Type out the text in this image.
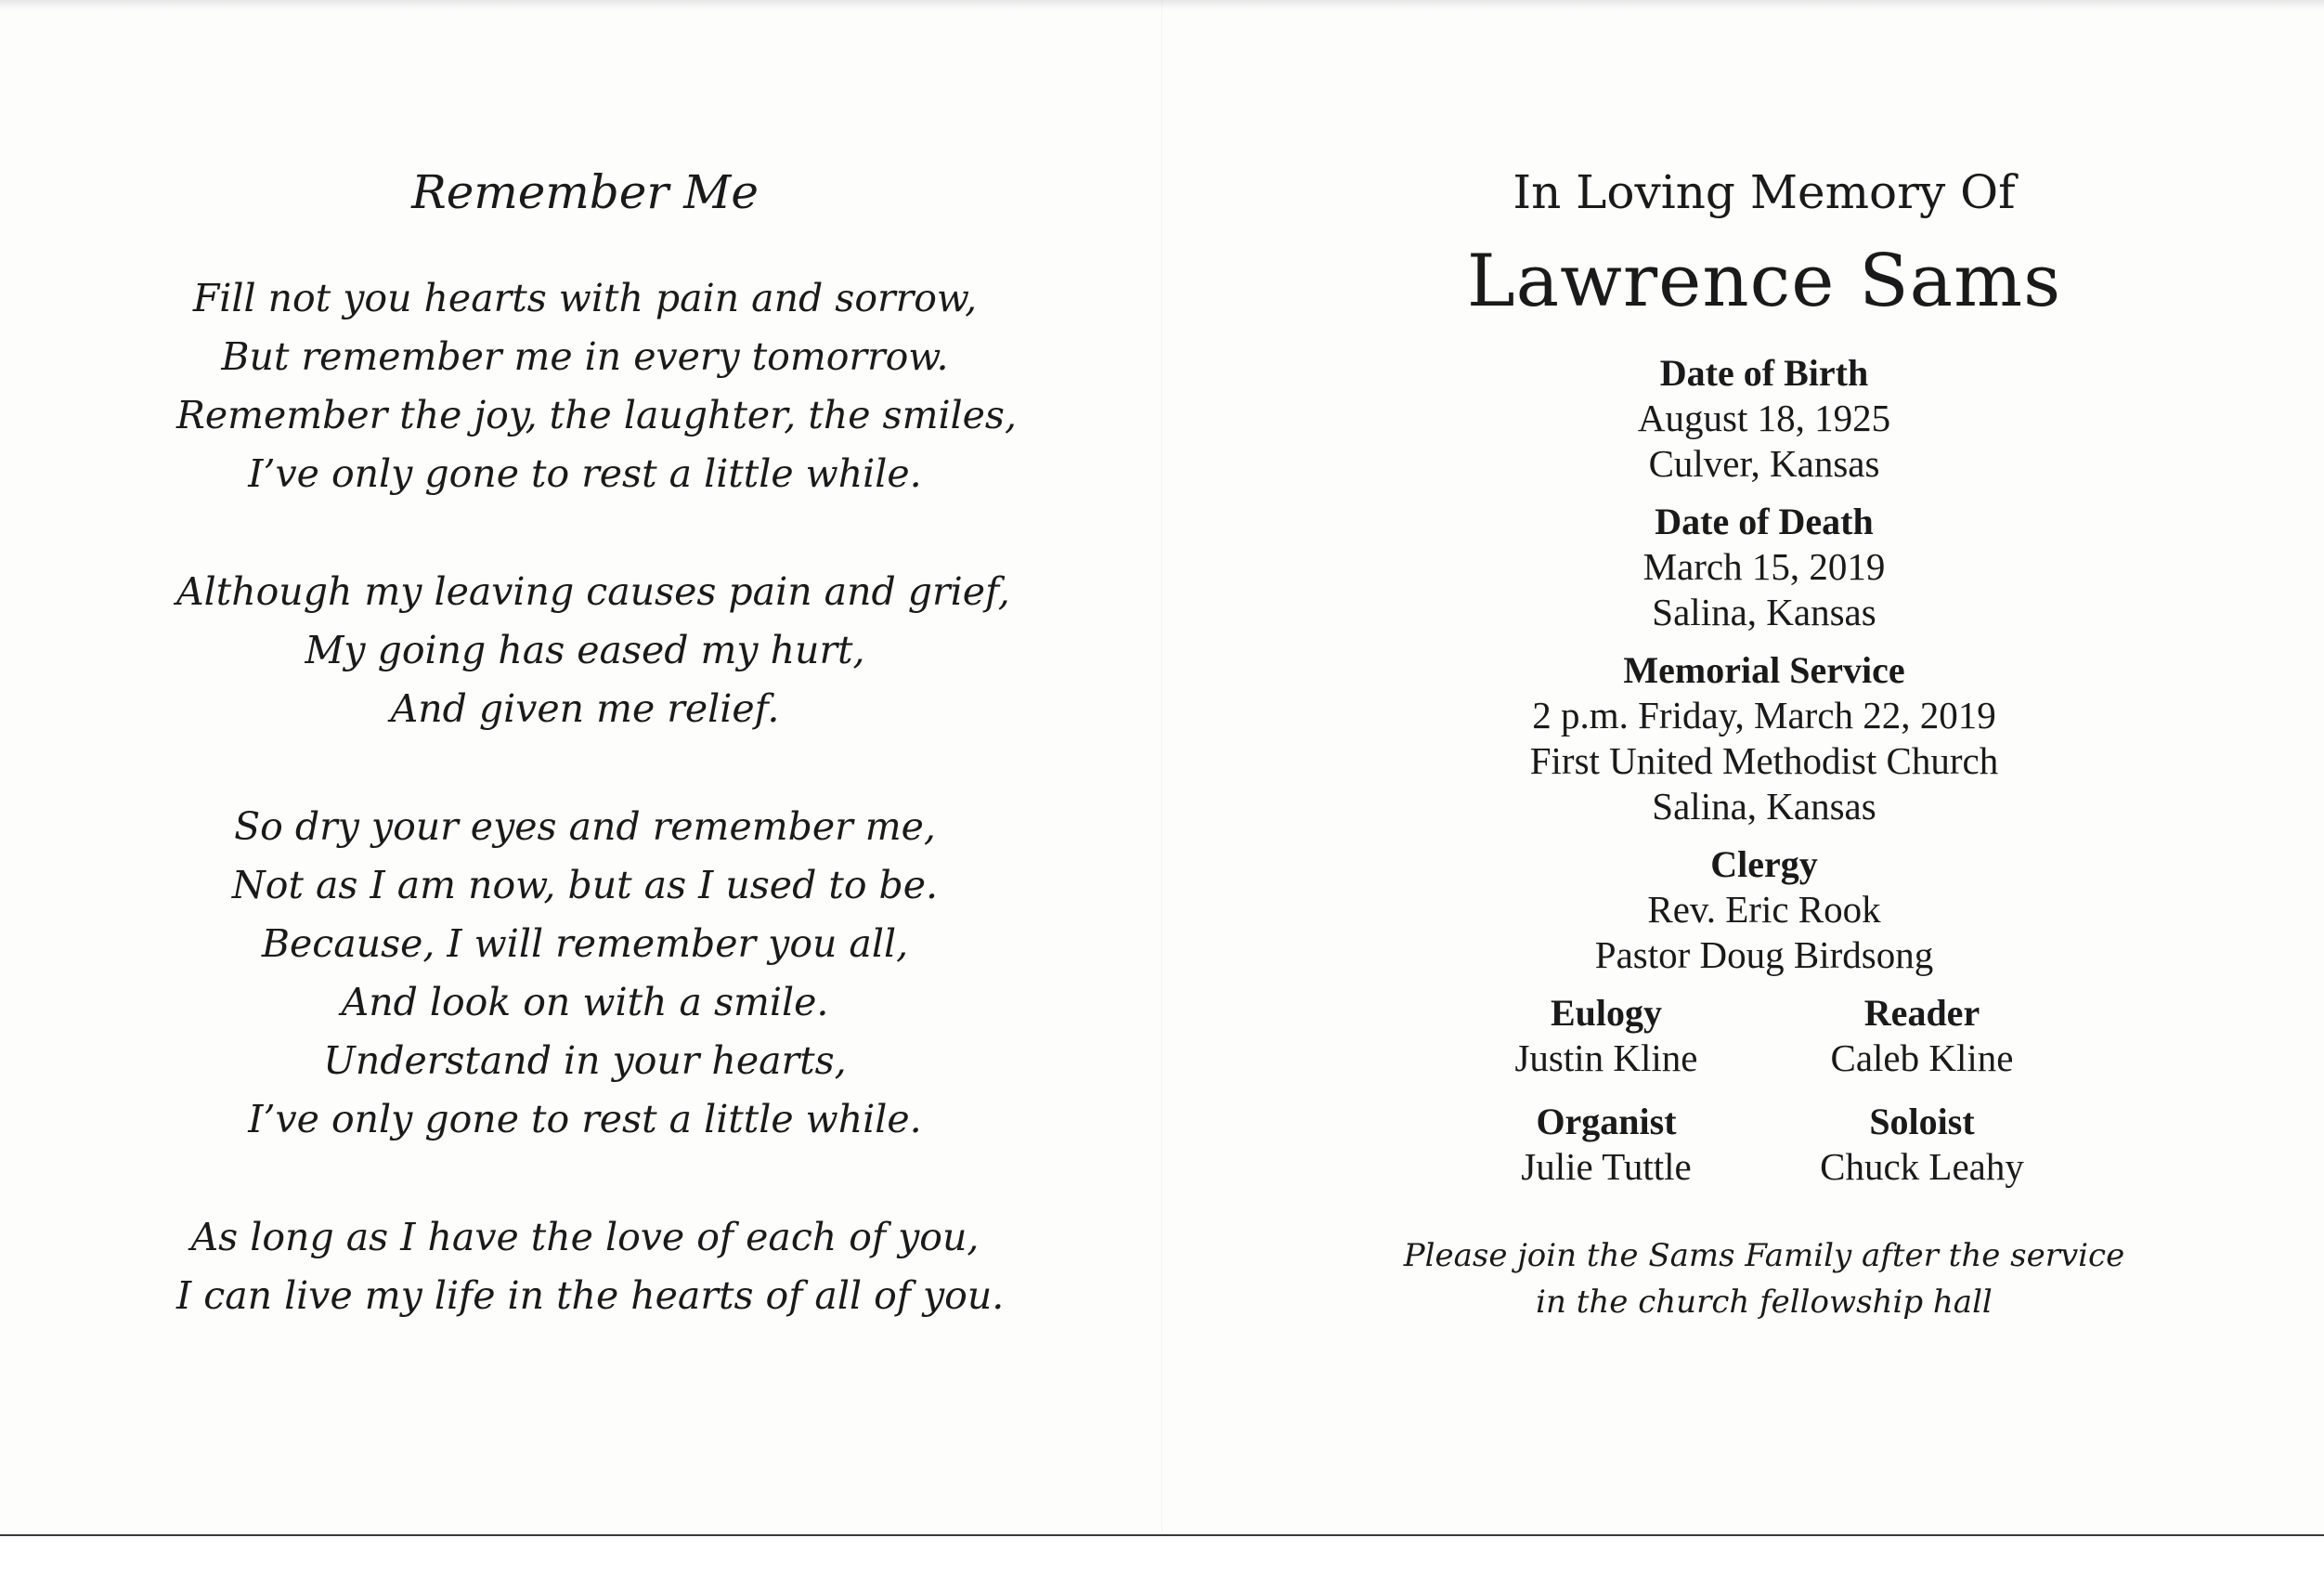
Remember Me
Fill not you hearts with pain and sorrow,
But remember me in every tomorrow.
Remember the joy, the laughter, the smiles,
I’ve only gone to rest a little while.
Although my leaving causes pain and grief,
My going has eased my hurt,
And given me relief.
So dry your eyes and remember me,
Not as I am now, but as I used to be.
Because, I will remember you all,
And look on with a smile.
Understand in your hearts,
I’ve only gone to rest a little while.
As long as I have the love of each of you,
I can live my life in the hearts of all of you.
In Loving Memory Of
Lawrence Sams
Date of Birth
August 18, 1925
Culver, Kansas
Date of Death
March 15, 2019
Salina, Kansas
Memorial Service
2 p.m. Friday, March 22, 2019
First United Methodist Church
Salina, Kansas
Clergy
Rev. Eric Rook
Pastor Doug Birdsong
Eulogy
Justin Kline
Reader
Caleb Kline
Organist
Julie Tuttle
Soloist
Chuck Leahy
Please join the Sams Family after the service
in the church fellowship hall
